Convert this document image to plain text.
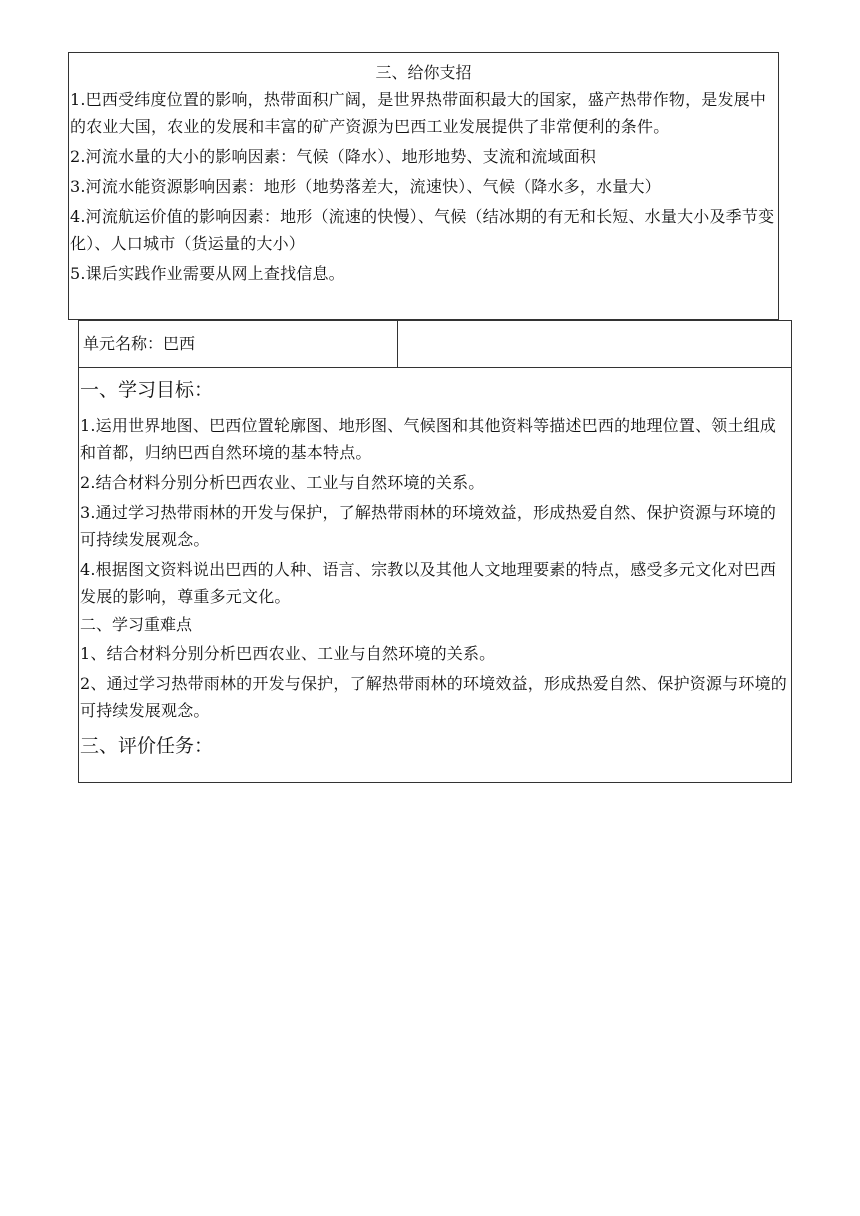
三、给你支招

1.巴西受纬度位置的影响，热带面积广阔，是世界热带面积最大的国家，盛产热带作物，是发展中的农业大国，农业的发展和丰富的矿产资源为巴西工业发展提供了非常便利的条件。

2.河流水量的大小的影响因素：气候（降水）、地形地势、支流和流域面积

3.河流水能资源影响因素：地形（地势落差大，流速快）、气候（降水多，水量大）

4.河流航运价值的影响因素：地形（流速的快慢）、气候（结冰期的有无和长短、水量大小及季节变化）、人口城市（货运量的大小）

5.课后实践作业需要从网上查找信息。

单元名称：巴西
一、学习目标：

1.运用世界地图、巴西位置轮廓图、地形图、气候图和其他资料等描述巴西的地理位置、领土组成和首都，归纳巴西自然环境的基本特点。

2.结合材料分别分析巴西农业、工业与自然环境的关系。

3.通过学习热带雨林的开发与保护，了解热带雨林的环境效益，形成热爱自然、保护资源与环境的可持续发展观念。

4.根据图文资料说出巴西的人种、语言、宗教以及其他人文地理要素的特点，感受多元文化对巴西发展的影响，尊重多元文化。

二、学习重难点

1、结合材料分别分析巴西农业、工业与自然环境的关系。

2、通过学习热带雨林的开发与保护，了解热带雨林的环境效益，形成热爱自然、保护资源与环境的可持续发展观念。

三、评价任务：
